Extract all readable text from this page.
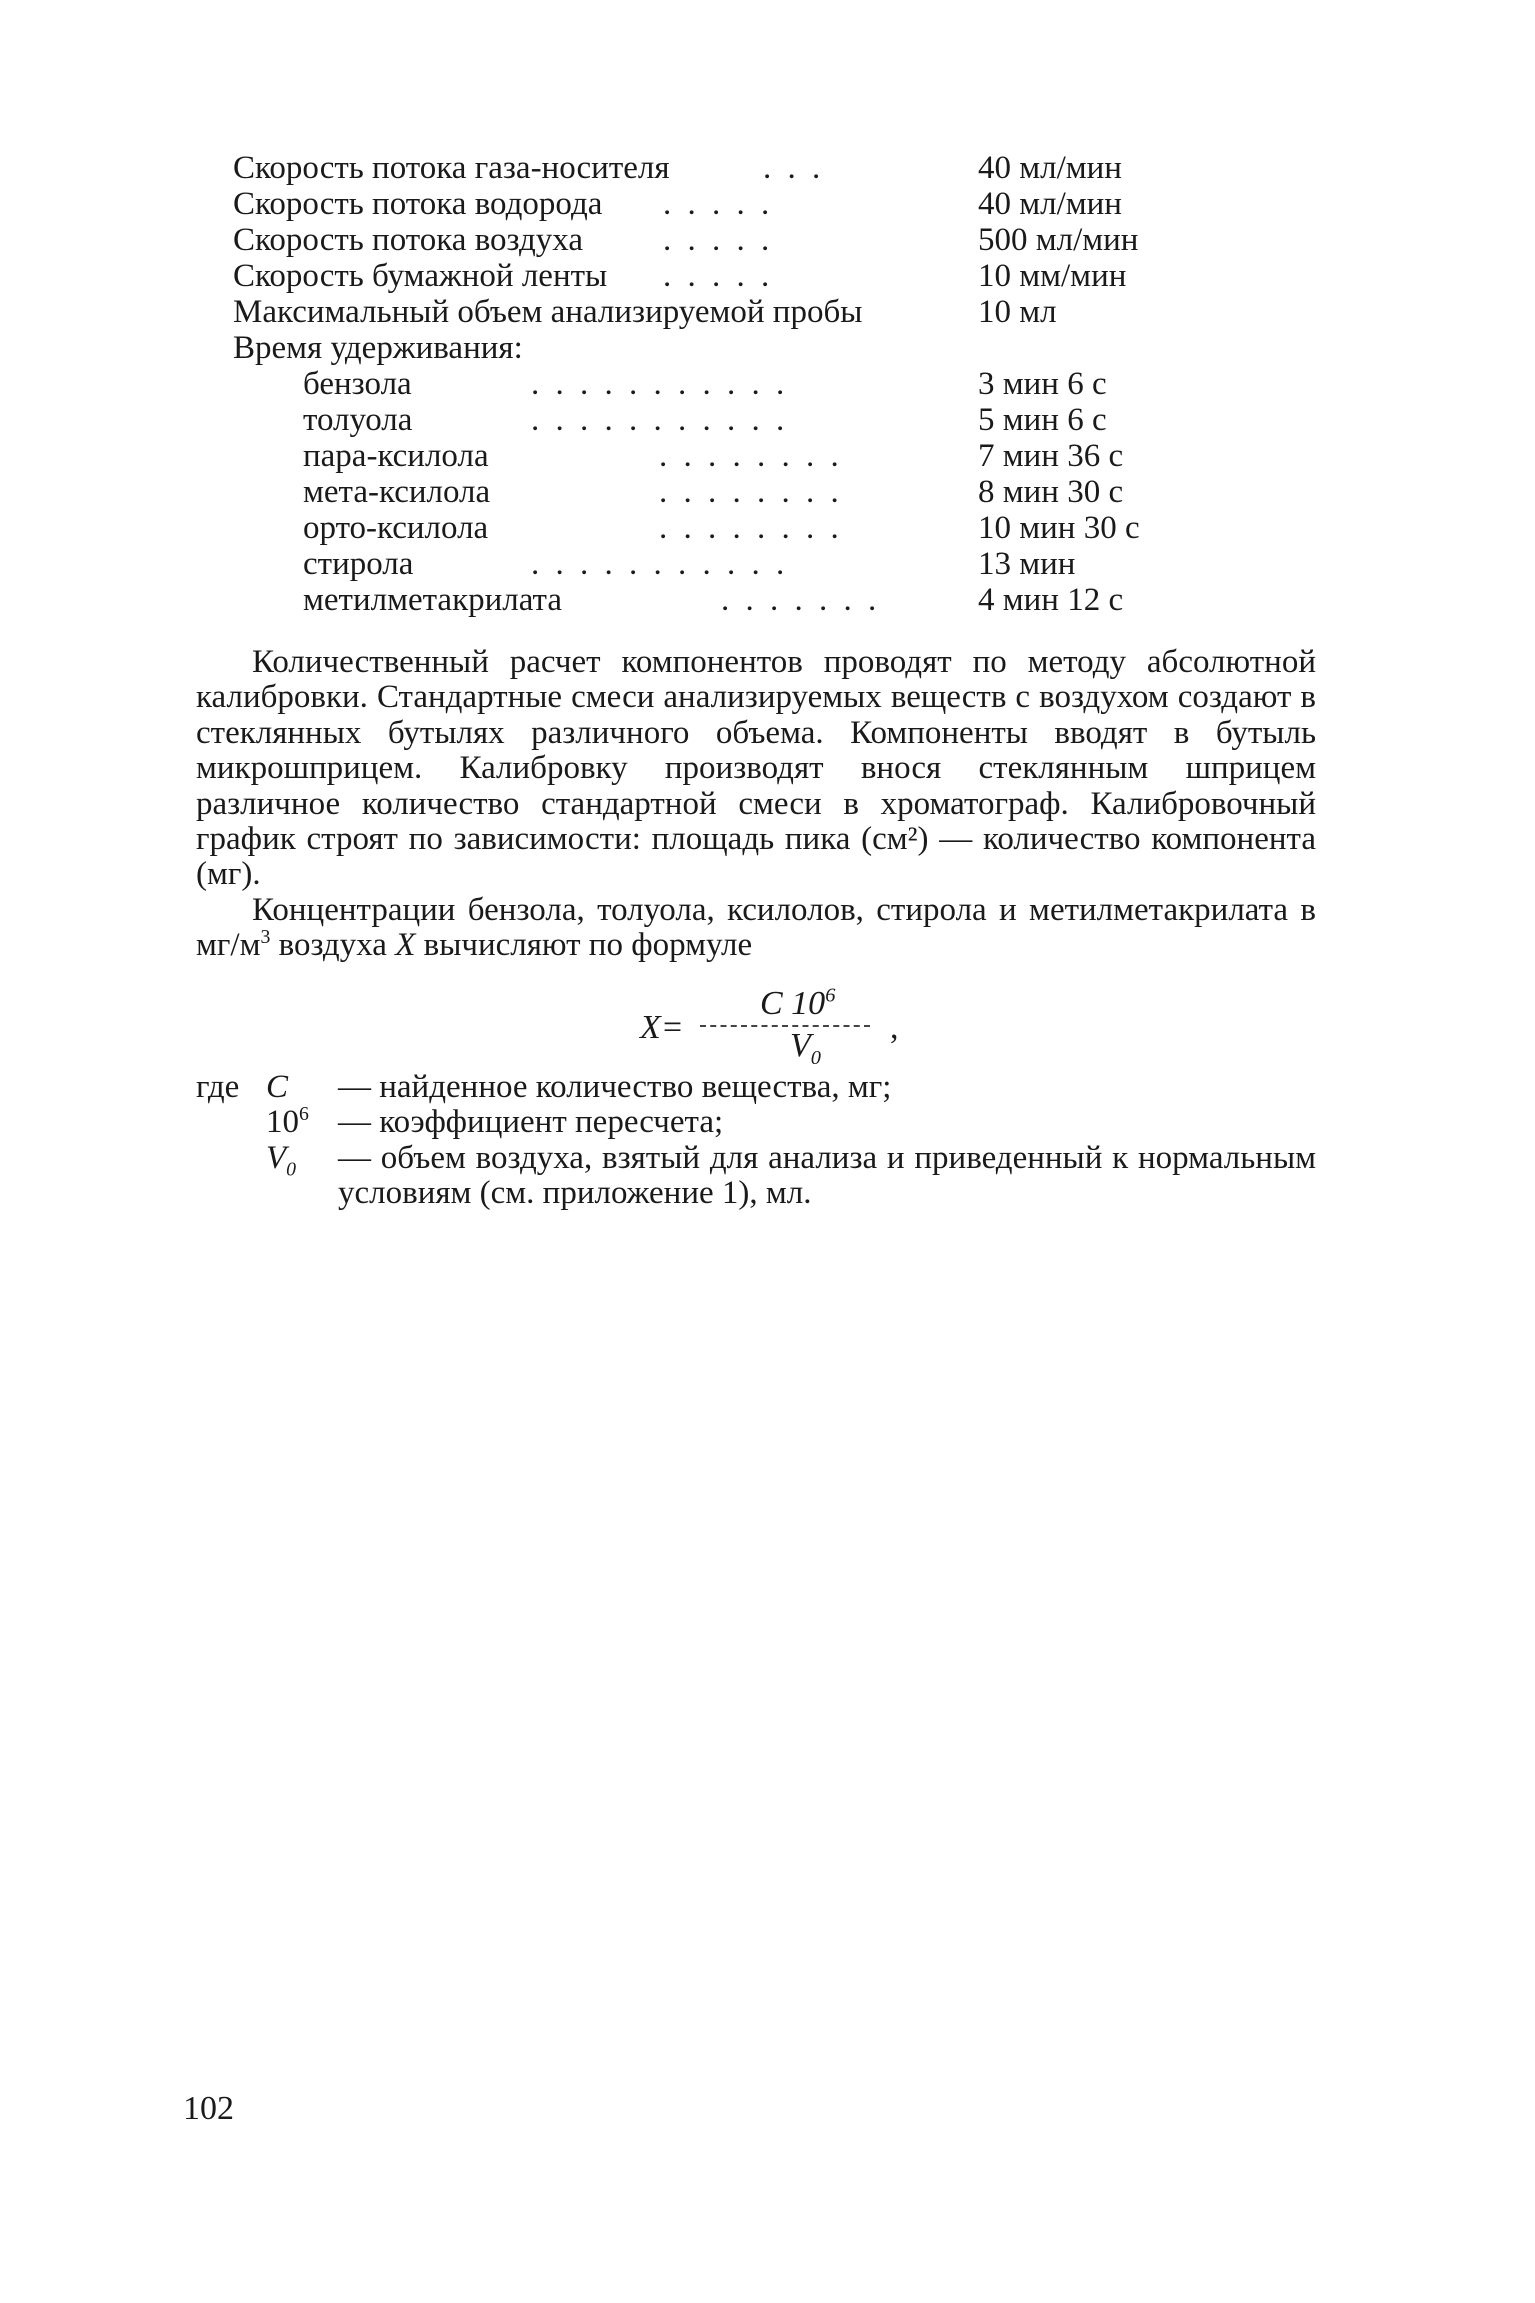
Скорость потока газа-носителя	. . .	40 мл/мин
Скорость потока водорода . . . . .	40 мл/мин
Скорость потока воздуха . . . . .	500 мл/мин
Скорость бумажной ленты . . . . .	10 мм/мин
Максимальный объем анализируемой пробы	10 мл
Время удерживания:
бензола	. . . . . . . . . . .	3 мин 6 с
толуола	. . . . . . . . . . .	5 мин 6 с
пара-ксилола	. . . . . . . .	7 мин 36 с
мета-ксилола	. . . . . . . .	8 мин 30 с
орто-ксилола	. . . . . . . .	10 мин 30 с
стирола	. . . . . . . . . . .	13 мин
метилметакрилата	. . . . . . .	4 мин 12 с

Количественный расчет компонентов проводят по методу абсолютной калибровки. Стандартные смеси анализируемых веществ с воздухом создают в стеклянных бутылях различного объема. Компоненты вводят в бутыль микрошприцем. Калибровку производят внося стеклянным шприцем различное количество стандартной смеси в хроматограф. Калибровочный график строят по зависимости: площадь пика (см²) — количество компонента (мг).

Концентрации бензола, толуола, ксилолов, стирола и метилметакрилата в $мг/м^3$ воздуха X вычисляют по формуле

X=
C $10^6$
$V_0$
,
где C — найденное количество вещества, мг;
$10^6$ — коэффициент пересчета;
$V_0$ — объем воздуха, взятый для анализа и приведенный к нормальным условиям (см. приложение 1), мл.
102
